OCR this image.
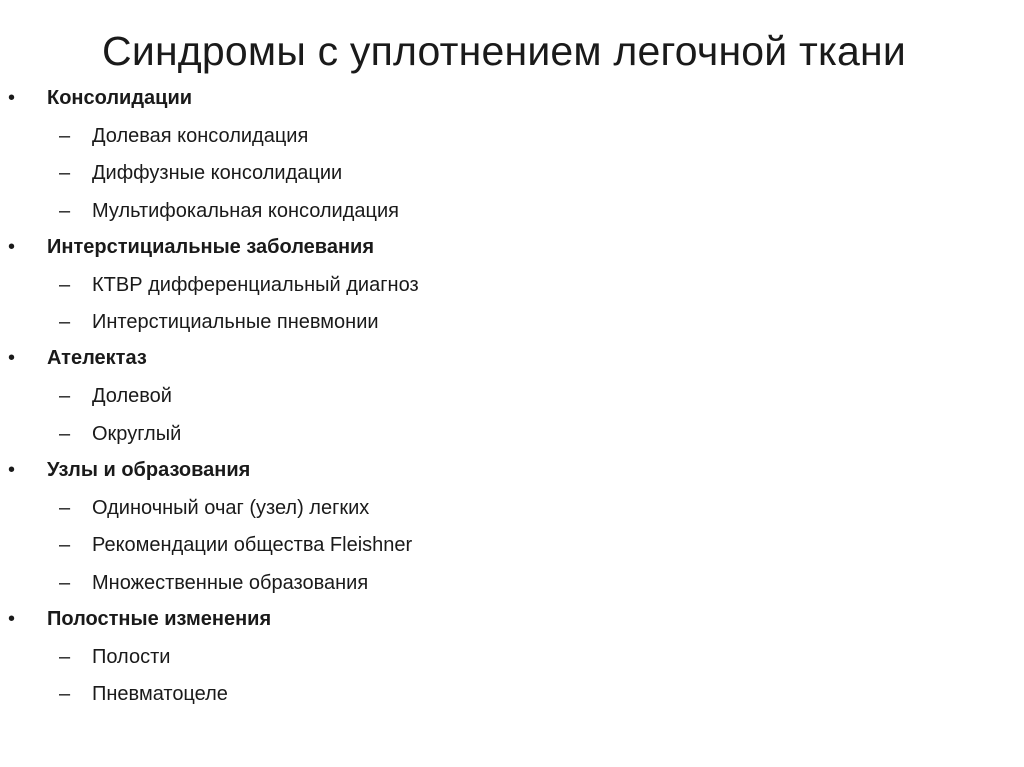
Синдромы с уплотнением легочной ткани
• Консолидации
– Долевая консолидация
– Диффузные консолидации
– Мультифокальная консолидация
• Интерстициальные заболевания
– КТВР дифференциальный диагноз
– Интерстициальные пневмонии
• Ателектаз
– Долевой
– Округлый
• Узлы и образования
– Одиночный очаг (узел) легких
– Рекомендации общества Fleishner
– Множественные образования
• Полостные изменения
– Полости
– Пневматоцеле
